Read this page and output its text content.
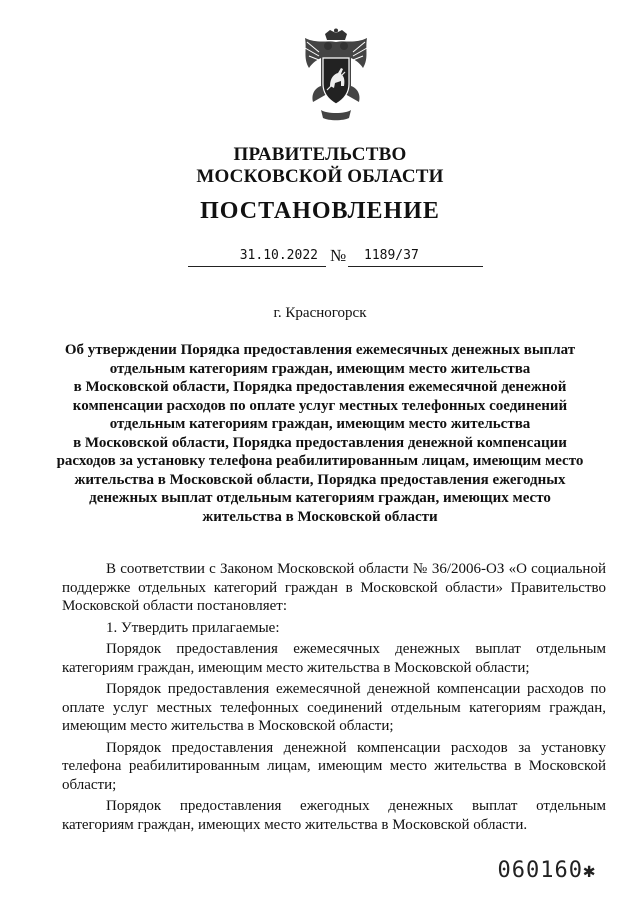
ПРАВИТЕЛЬСТВО
МОСКОВСКОЙ ОБЛАСТИ
ПОСТАНОВЛЕНИЕ
31.10.2022 №	1189/37
г. Красногорск
Об утверждении Порядка предоставления ежемесячных денежных выплат
отдельным категориям граждан, имеющим место жительства
в Московской области, Порядка предоставления ежемесячной денежной
компенсации расходов по оплате услуг местных телефонных соединений
отдельным категориям граждан, имеющим место жительства
в Московской области, Порядка предоставления денежной компенсации
расходов за установку телефона реабилитированным лицам, имеющим место
жительства в Московской области, Порядка предоставления ежегодных
денежных выплат отдельным категориям граждан, имеющих место
жительства в Московской области

В соответствии с Законом Московской области № 36/2006-ОЗ «О социальной поддержке отдельных категорий граждан в Московской области» Правительство Московской области постановляет:

1. Утвердить прилагаемые:

Порядок предоставления ежемесячных денежных выплат отдельным категориям граждан, имеющим место жительства в Московской области;

Порядок предоставления ежемесячной денежной компенсации расходов по оплате услуг местных телефонных соединений отдельным категориям граждан, имеющим место жительства в Московской области;

Порядок предоставления денежной компенсации расходов за установку телефона реабилитированным лицам, имеющим место жительства в Московской области;

Порядок предоставления ежегодных денежных выплат отдельным категориям граждан, имеющих место жительства в Московской области.

060160✱
